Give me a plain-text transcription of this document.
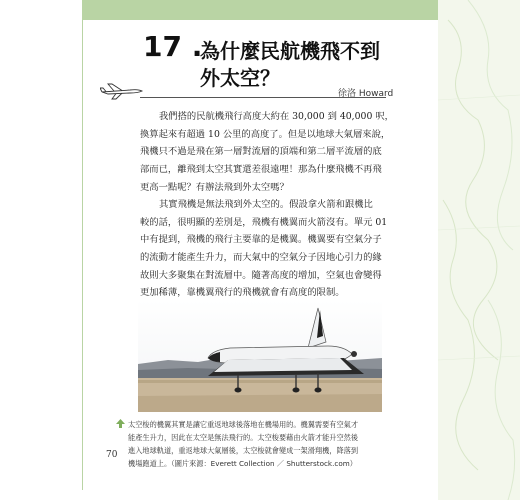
17 .
為什麼民航機飛不到
外太空？
徐洛 Howard
我們搭的民航機飛行高度大約在 30,000 到 40,000 呎，
換算起來有超過 10 公里的高度了。但是以地球大氣層來說，
飛機只不過是飛在第一層對流層的頂端和第二層平流層的底
部而已，離飛到太空其實還差很遠哩！那為什麼飛機不再飛
更高一點呢？有辦法飛到外太空嗎？
其實飛機是無法飛到外太空的。假設拿火箭和跟機比
較的話，很明顯的差別是，飛機有機翼而火箭沒有。單元 01
中有提到，飛機的飛行主要靠的是機翼。機翼要有空氣分子
的流動才能產生升力，而大氣中的空氣分子因地心引力的緣
故則大多聚集在對流層中。隨著高度的增加，空氣也會變得
更加稀薄，靠機翼飛行的飛機就會有高度的限制。
太空梭的機翼其實是讓它重返地球後落地在機場用的。機翼需要有空氣才
能產生升力，因此在太空是無法飛行的。太空梭要藉由火箭才能升空然後
進入地球軌道，重返地球大氣層後，太空梭就會變成一架滑翔機，降落到
機場跑道上。（圖片來源：Everett Collection ／ Shutterstock.com）
70
